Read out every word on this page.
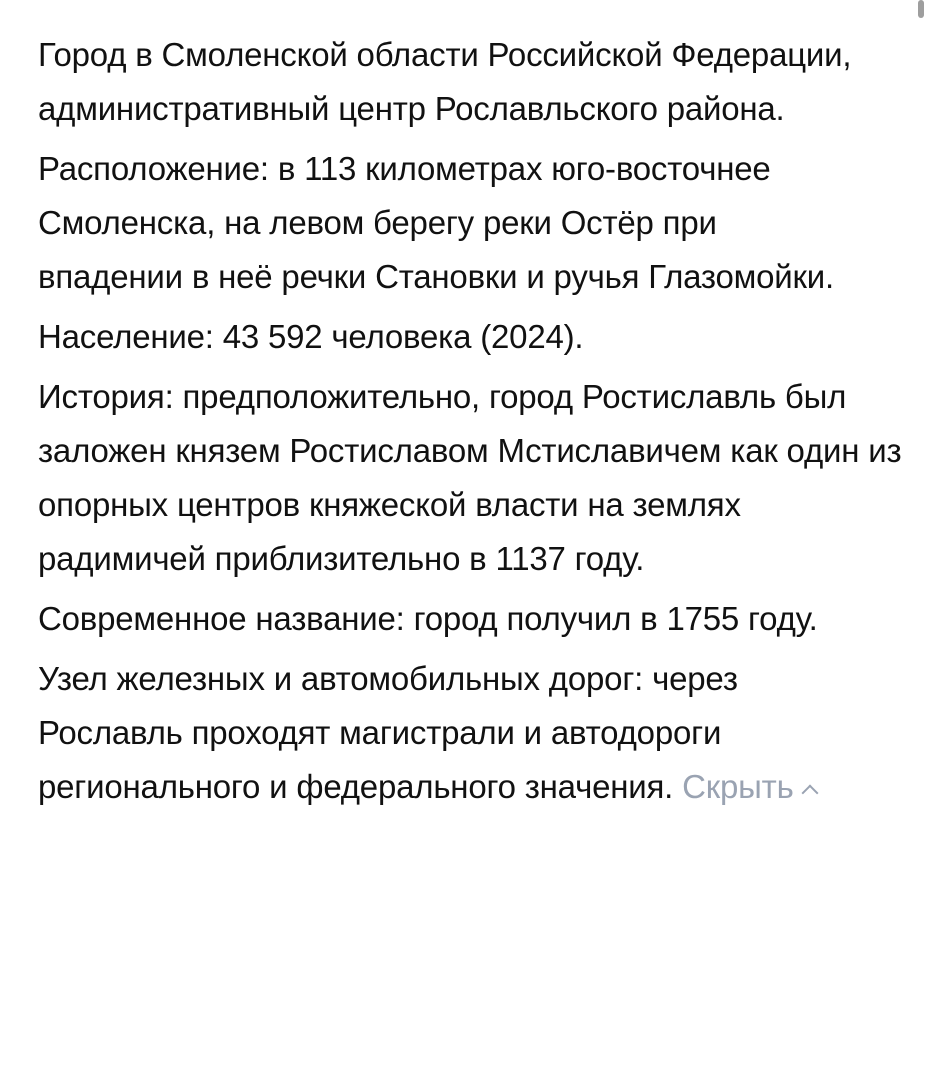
Город в Смоленской области Российской Федерации, административный центр Рославльского района.

Расположение: в 113 километрах юго-восточнее Смоленска, на левом берегу реки Остёр при впадении в неё речки Становки и ручья Глазомойки.

Население: 43 592 человека (2024).

История: предположительно, город Ростиславль был заложен князем Ростиславом Мстиславичем как один из опорных центров княжеской власти на землях радимичей приблизительно в 1137 году.

Современное название: город получил в 1755 году.

Узел железных и автомобильных дорог: через Рославль проходят магистрали и автодороги регионального и федерального значения. Скрыть
